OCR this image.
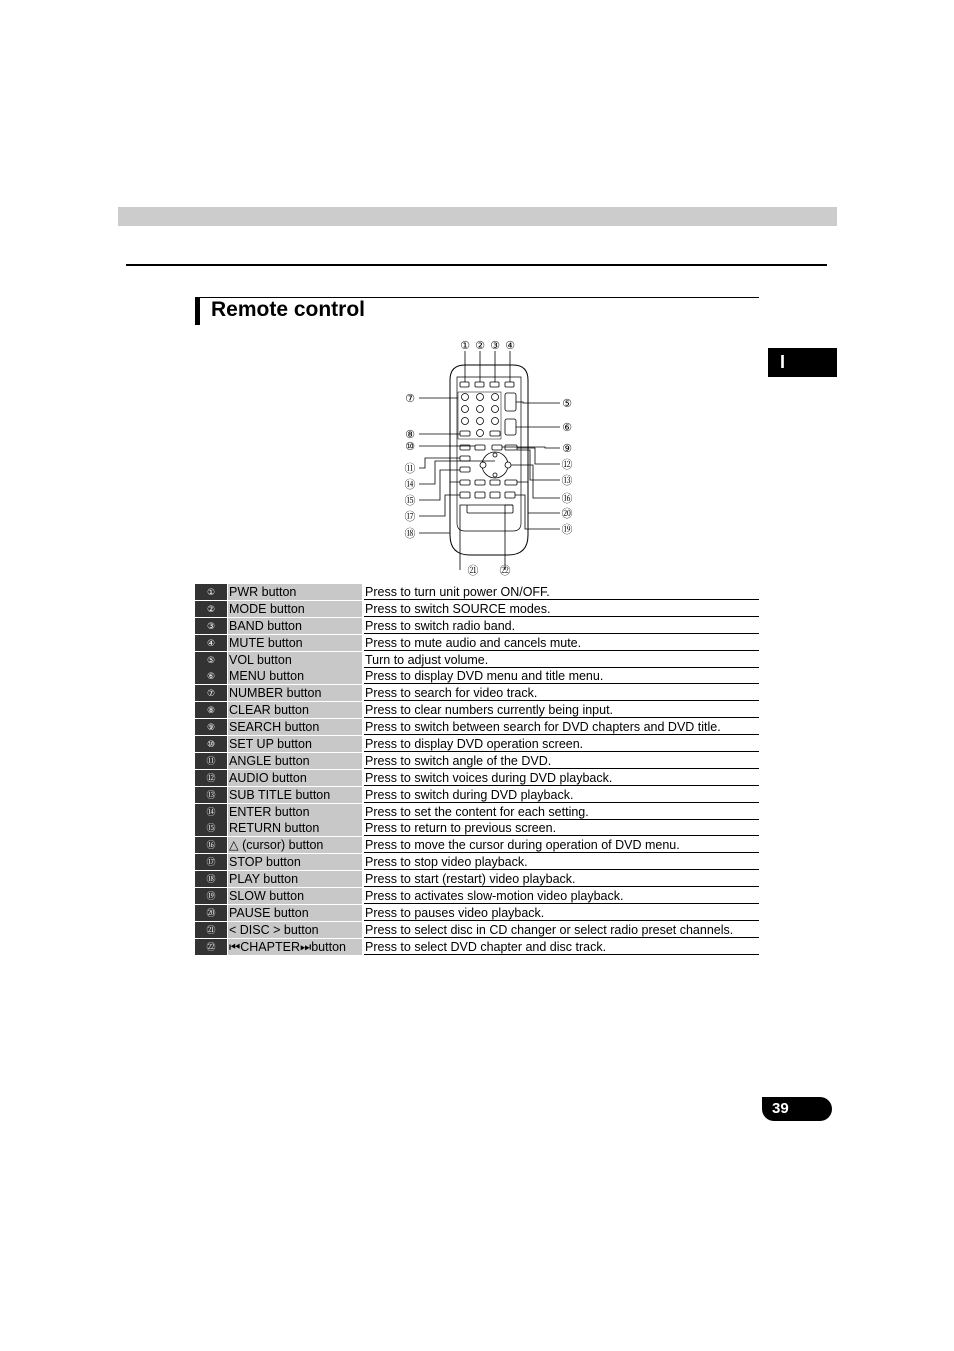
I
Remote control
① ② ③ ④
⑤
⑥
⑦
⑧
⑨
⑩
⑪	⑫
⑬
⑭
⑮	⑯
⑰
⑱	⑲
⑳
㉑ ㉒
①	PWR button	Press to turn unit power ON/OFF.
②	MODE button	Press to switch SOURCE modes.
③	BAND button	Press to switch radio band.
④	MUTE button	Press to mute audio and cancels mute.
⑤	VOL button	Turn to adjust volume.
⑥	MENU button	Press to display DVD menu and title menu.
⑦	NUMBER button	Press to search for video track.
⑧	CLEAR button	Press to clear numbers currently being input.
⑨	SEARCH button	Press to switch between search for DVD chapters and DVD title.
⑩	SET UP button	Press to display DVD operation screen.
⑪	ANGLE button	Press to switch angle of the DVD.
⑫	AUDIO button	Press to switch voices during DVD playback.
⑬	SUB TITLE button	Press to switch during DVD playback.
⑭	ENTER button	Press to set the content for each setting.
⑮	RETURN button	Press to return to previous screen.
⑯	△ (cursor) button	Press to move the cursor during operation of DVD menu.
⑰	STOP button	Press to stop video playback.
⑱	PLAY button	Press to start (restart) video playback.
⑲	SLOW button	Press to activates slow-motion video playback.
⑳	PAUSE button	Press to pauses video playback.
㉑	< DISC > button	Press to select disc in CD changer or select radio preset channels.
㉒	⏮CHAPTER⏭button	Press to select DVD chapter and disc track.
39
